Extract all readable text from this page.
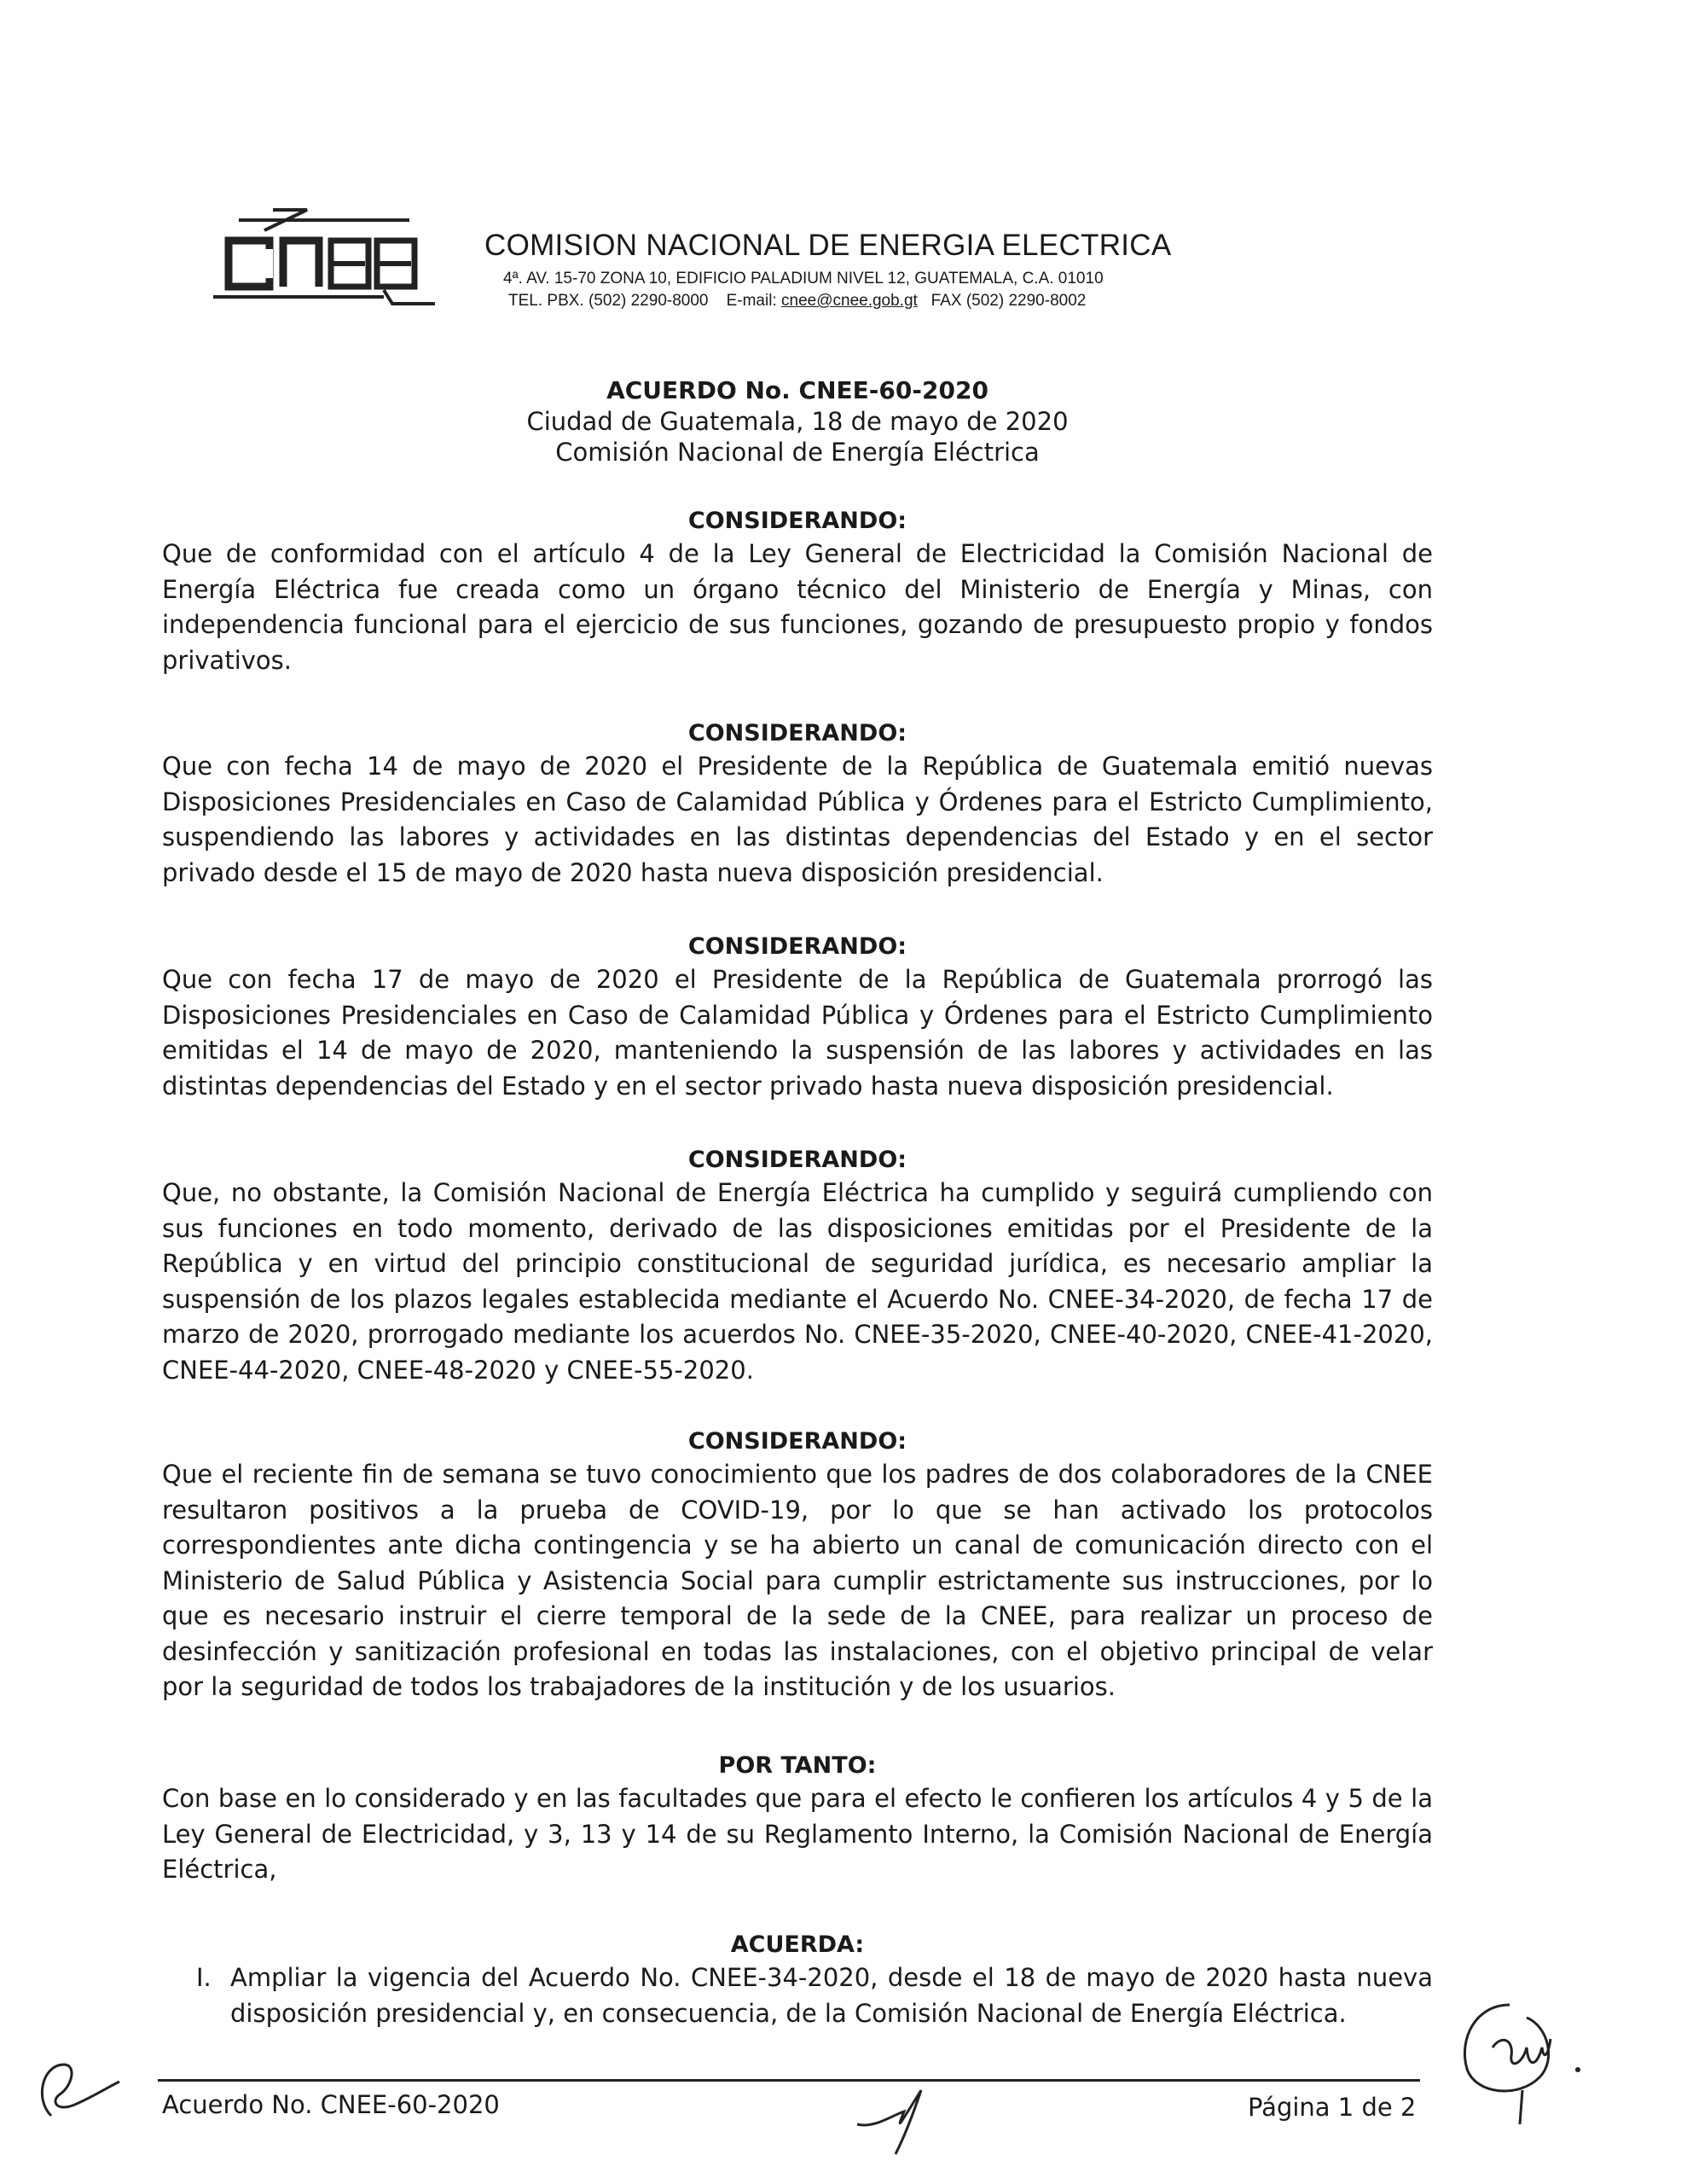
COMISION NACIONAL DE ENERGIA ELECTRICA
4ª. AV. 15-70 ZONA 10, EDIFICIO PALADIUM NIVEL 12, GUATEMALA, C.A. 01010
TEL. PBX. (502) 2290-8000 E-mail: cnee@cnee.gob.gt FAX (502) 2290-8002
ACUERDO No. CNEE-60-2020
Ciudad de Guatemala, 18 de mayo de 2020
Comisión Nacional de Energía Eléctrica
CONSIDERANDO:

Que de conformidad con el artículo 4 de la Ley General de Electricidad la Comisión Nacional de Energía Eléctrica fue creada como un órgano técnico del Ministerio de Energía y Minas, con independencia funcional para el ejercicio de sus funciones, gozando de presupuesto propio y fondos privativos.

CONSIDERANDO:

Que con fecha 14 de mayo de 2020 el Presidente de la República de Guatemala emitió nuevas Disposiciones Presidenciales en Caso de Calamidad Pública y Órdenes para el Estricto Cumplimiento, suspendiendo las labores y actividades en las distintas dependencias del Estado y en el sector privado desde el 15 de mayo de 2020 hasta nueva disposición presidencial.

CONSIDERANDO:

Que con fecha 17 de mayo de 2020 el Presidente de la República de Guatemala prorrogó las Disposiciones Presidenciales en Caso de Calamidad Pública y Órdenes para el Estricto Cumplimiento emitidas el 14 de mayo de 2020, manteniendo la suspensión de las labores y actividades en las distintas dependencias del Estado y en el sector privado hasta nueva disposición presidencial.

CONSIDERANDO:

Que, no obstante, la Comisión Nacional de Energía Eléctrica ha cumplido y seguirá cumpliendo con sus funciones en todo momento, derivado de las disposiciones emitidas por el Presidente de la República y en virtud del principio constitucional de seguridad jurídica, es necesario ampliar la suspensión de los plazos legales establecida mediante el Acuerdo No. CNEE-34-2020, de fecha 17 de marzo de 2020, prorrogado mediante los acuerdos No. CNEE-35-2020, CNEE-40-2020, CNEE-41-2020, CNEE-44-2020, CNEE-48-2020 y CNEE-55-2020.

CONSIDERANDO:

Que el reciente fin de semana se tuvo conocimiento que los padres de dos colaboradores de la CNEE resultaron positivos a la prueba de COVID-19, por lo que se han activado los protocolos correspondientes ante dicha contingencia y se ha abierto un canal de comunicación directo con el Ministerio de Salud Pública y Asistencia Social para cumplir estrictamente sus instrucciones, por lo que es necesario instruir el cierre temporal de la sede de la CNEE, para realizar un proceso de desinfección y sanitización profesional en todas las instalaciones, con el objetivo principal de velar por la seguridad de todos los trabajadores de la institución y de los usuarios.

POR TANTO:

Con base en lo considerado y en las facultades que para el efecto le confieren los artículos 4 y 5 de la Ley General de Electricidad, y 3, 13 y 14 de su Reglamento Interno, la Comisión Nacional de Energía Eléctrica,

ACUERDA:
I. Ampliar la vigencia del Acuerdo No. CNEE-34-2020, desde el 18 de mayo de 2020 hasta nueva disposición presidencial y, en consecuencia, de la Comisión Nacional de Energía Eléctrica.
Acuerdo No. CNEE-60-2020	Página 1 de 2
